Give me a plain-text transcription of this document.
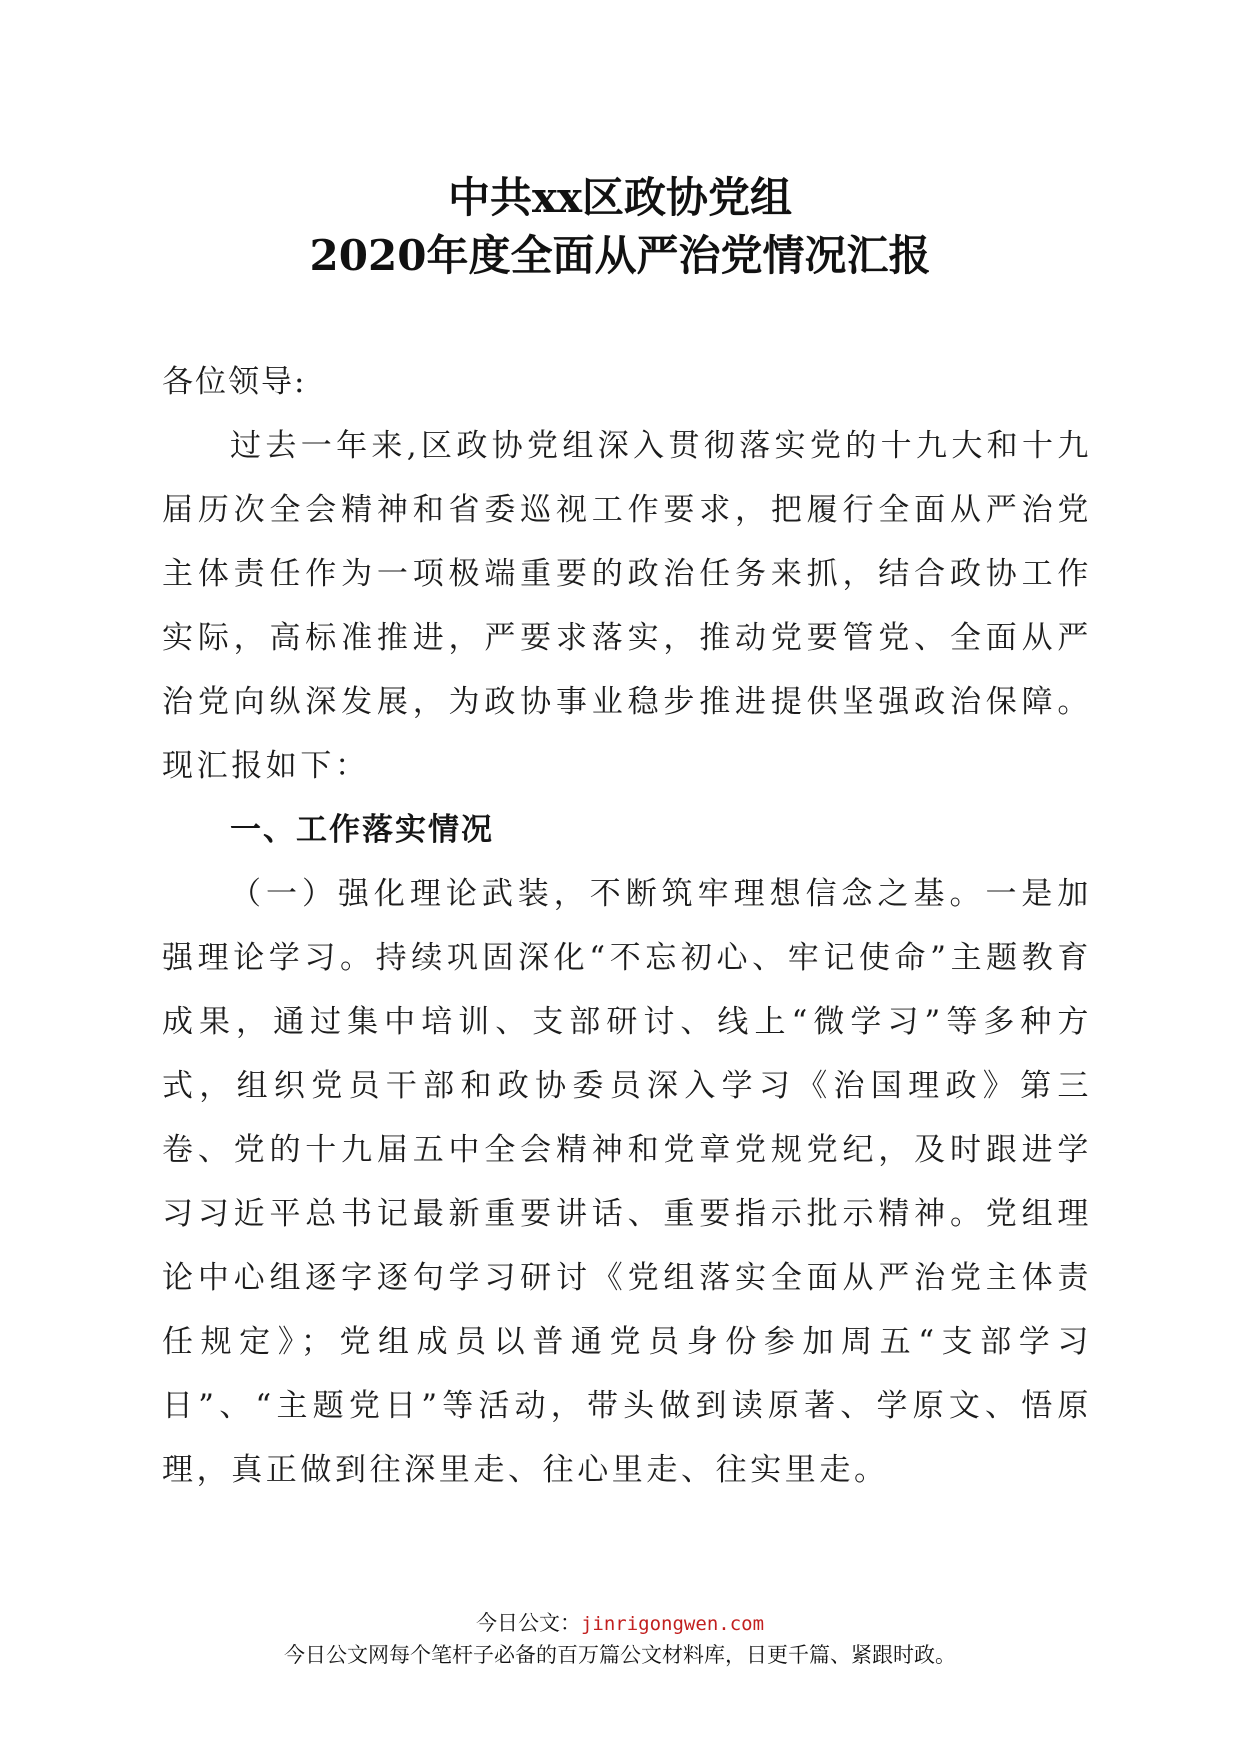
中共xx区政协党组
2020年度全面从严治党情况汇报
各位领导:
过去一年来,区政协党组深入贯彻落实党的十九大和十九届历次全会精神和省委巡视工作要求，把履行全面从严治党主体责任作为一项极端重要的政治任务来抓，结合政协工作实际，高标准推进，严要求落实，推动党要管党、全面从严治党向纵深发展，为政协事业稳步推进提供坚强政治保障。现汇报如下：
一、工作落实情况
（一）强化理论武装，不断筑牢理想信念之基。一是加强理论学习。持续巩固深化“不忘初心、牢记使命”主题教育成果，通过集中培训、支部研讨、线上“微学习”等多种方式，组织党员干部和政协委员深入学习《治国理政》第三卷、党的十九届五中全会精神和党章党规党纪，及时跟进学习习近平总书记最新重要讲话、重要指示批示精神。党组理论中心组逐字逐句学习研讨《党组落实全面从严治党主体责任规定》；党组成员以普通党员身份参加周五“支部学习日”、“主题党日”等活动，带头做到读原著、学原文、悟原理，真正做到往深里走、往心里走、往实里走。
今日公文：jinrigongwen.com
今日公文网每个笔杆子必备的百万篇公文材料库，日更千篇、紧跟时政。
